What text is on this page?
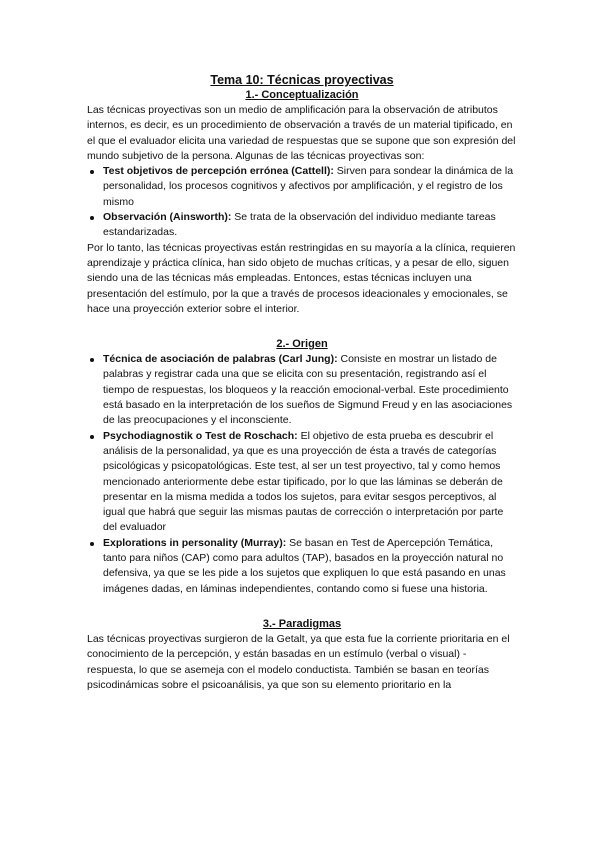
Tema 10: Técnicas proyectivas
1.- Conceptualización

Las técnicas proyectivas son un medio de amplificación para la observación de atributos internos, es decir, es un procedimiento de observación a través de un material tipificado, en el que el evaluador elicita una variedad de respuestas que se supone que son expresión del mundo subjetivo de la persona. Algunas de las técnicas proyectivas son:

Test objetivos de percepción errónea (Cattell): Sirven para sondear la dinámica de la personalidad, los procesos cognitivos y afectivos por amplificación, y el registro de los mismo
Observación (Ainsworth): Se trata de la observación del individuo mediante tareas estandarizadas.

Por lo tanto, las técnicas proyectivas están restringidas en su mayoría a la clínica, requieren aprendizaje y práctica clínica, han sido objeto de muchas críticas, y a pesar de ello, siguen siendo una de las técnicas más empleadas. Entonces, estas técnicas incluyen una presentación del estímulo, por la que a través de procesos ideacionales y emocionales, se hace una proyección exterior sobre el interior.

2.- Origen
Técnica de asociación de palabras (Carl Jung): Consiste en mostrar un listado de palabras y registrar cada una que se elicita con su presentación, registrando así el tiempo de respuestas, los bloqueos y la reacción emocional-verbal. Este procedimiento está basado en la interpretación de los sueños de Sigmund Freud y en las asociaciones de las preocupaciones y el inconsciente.
Psychodiagnostik o Test de Roschach: El objetivo de esta prueba es descubrir el análisis de la personalidad, ya que es una proyección de ésta a través de categorías psicológicas y psicopatológicas. Este test, al ser un test proyectivo, tal y como hemos mencionado anteriormente debe estar tipificado, por lo que las láminas se deberán de presentar en la misma medida a todos los sujetos, para evitar sesgos perceptivos, al igual que habrá que seguir las mismas pautas de corrección o interpretación por parte del evaluador
Explorations in personality (Murray): Se basan en Test de Apercepción Temática, tanto para niños (CAP) como para adultos (TAP), basados en la proyección natural no defensiva, ya que se les pide a los sujetos que expliquen lo que está pasando en unas imágenes dadas, en láminas independientes, contando como si fuese una historia.
3.- Paradigmas

Las técnicas proyectivas surgieron de la Getalt, ya que esta fue la corriente prioritaria en el conocimiento de la percepción, y están basadas en un estímulo (verbal o visual) - respuesta, lo que se asemeja con el modelo conductista. También se basan en teorías psicodinámicas sobre el psicoanálisis, ya que son su elemento prioritario en la
